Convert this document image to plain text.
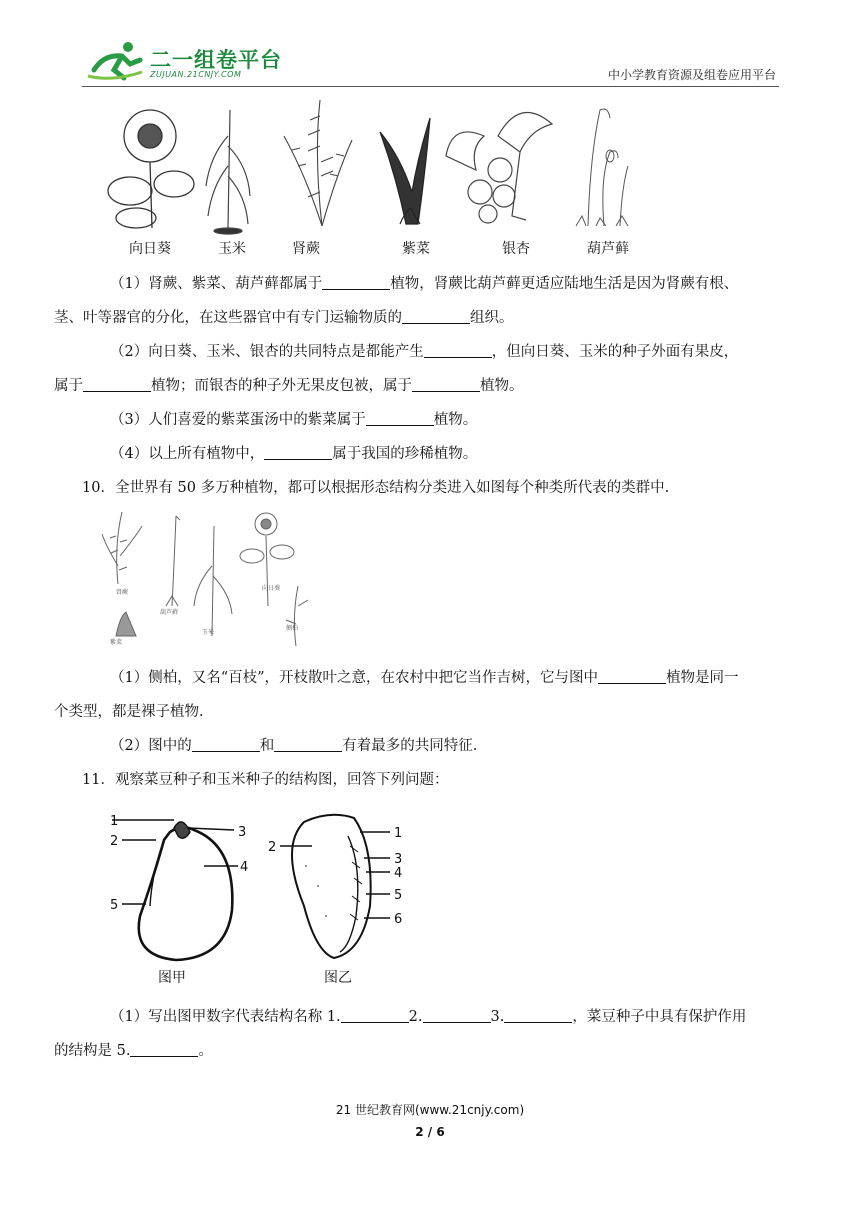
二一组卷平台
ZUJUAN.21CNJY.COM	中小学教育资源及组卷应用平台
向日葵	玉米	肾蕨	紫菜	银杏	葫芦藓
（1）肾蕨、紫菜、葫芦藓都属于	植物，肾蕨比葫芦藓更适应陆地生活是因为肾蕨有根、
茎、叶等器官的分化，在这些器官中有专门运输物质的	组织。
（2）向日葵、玉米、银杏的共同特点是都能产生	，但向日葵、玉米的种子外面有果皮，
属于	植物；而银杏的种子外无果皮包被，属于	植物。
（3）人们喜爱的紫菜蛋汤中的紫菜属于	植物。
（4）以上所有植物中，	属于我国的珍稀植物。
10．全世界有 50 多万种植物，都可以根据形态结构分类进入如图每个种类所代表的类群中.
肾蕨
葫芦藓
向日葵
玉米
紫菜
侧柏
（1）侧柏，又名“百枝”，开枝散叶之意，在农村中把它当作吉树，它与图中	植物是同一
个类型，都是裸子植物.
（2）图中的	和	有着最多的共同特征.
11．观察菜豆种子和玉米种子的结构图，回答下列问题：
1
2
3
4
5
图甲
1
2
3
4
5
6
图乙
（1）写出图甲数字代表结构名称 1.	2.	3.	，菜豆种子中具有保护作用
的结构是 5.	。
21 世纪教育网(www.21cnjy.com)
2 / 6
